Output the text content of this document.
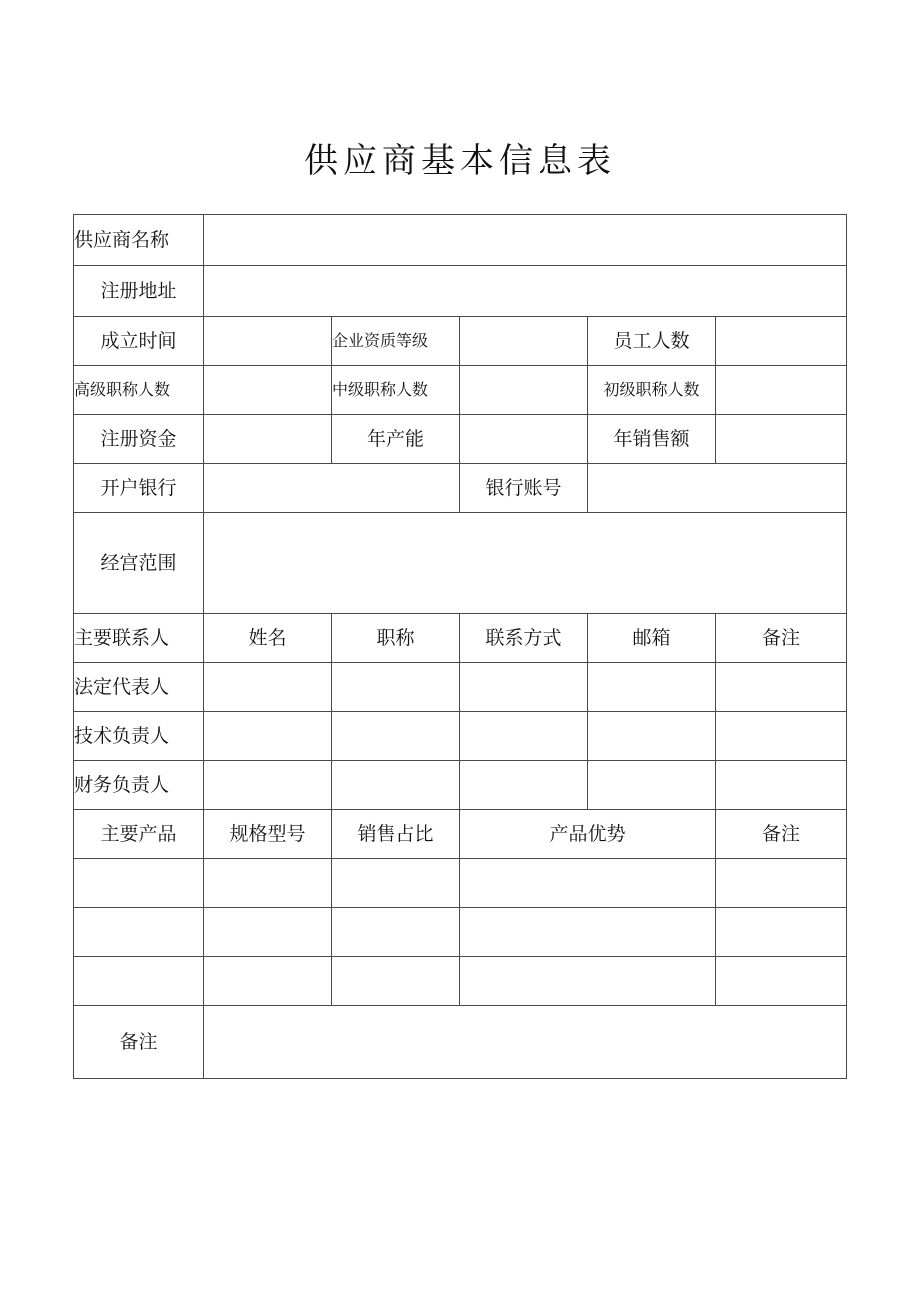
供应商基本信息表
供应商名称					
注册地址					
成立时间		企业资质等级		员工人数	
高级职称人数		中级职称人数		初级职称人数	
注册资金		年产能		年销售额	
开户银行			银行账号		
经宫范围					
主要联系人	姓名	职称	联系方式	邮箱	备注
法定代表人					
技术负责人					
财务负责人					
主要产品	规格型号	销售占比	产品优势		备注

备注					
